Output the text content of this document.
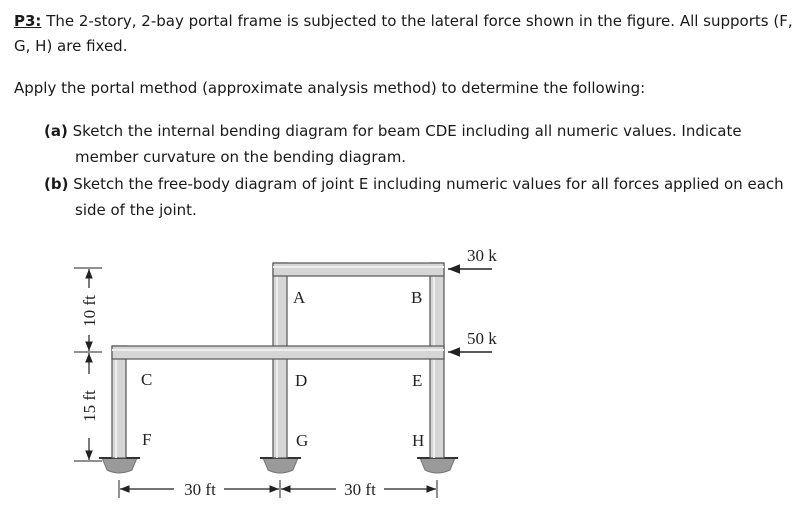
P3: The 2-story, 2-bay portal frame is subjected to the lateral force shown in the figure. All supports (F,
G, H) are fixed.
Apply the portal method (approximate analysis method) to determine the following:
(a) Sketch the internal bending diagram for beam CDE including all numeric values. Indicate
member curvature on the bending diagram.
(b) Sketch the free-body diagram of joint E including numeric values for all forces applied on each
side of the joint.
A	B
C	D	E
F	G	H
30 k
50 k
10 ft
15 ft
30 ft	30 ft
